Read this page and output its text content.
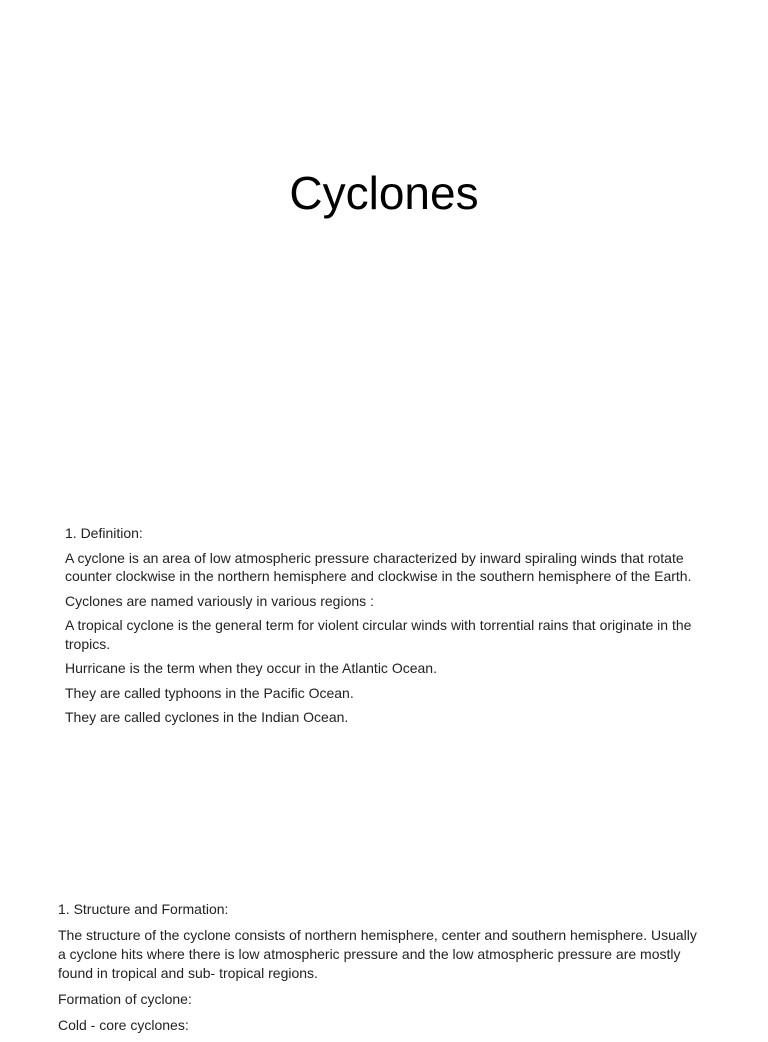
Cyclones

1. Definition:

A cyclone is an area of low atmospheric pressure characterized by inward spiraling winds that rotate counter clockwise in the northern hemisphere and clockwise in the southern hemisphere of the Earth.

Cyclones are named variously in various regions :

A tropical cyclone is the general term for violent circular winds with torrential rains that originate in the tropics.

Hurricane is the term when they occur in the Atlantic Ocean.

They are called typhoons in the Pacific Ocean.

They are called cyclones in the Indian Ocean.

1. Structure and Formation:

The structure of the cyclone consists of northern hemisphere, center and southern hemisphere. Usually a cyclone hits where there is low atmospheric pressure and the low atmospheric pressure are mostly found in tropical and sub- tropical regions.

Formation of cyclone:

Cold - core cyclones:
